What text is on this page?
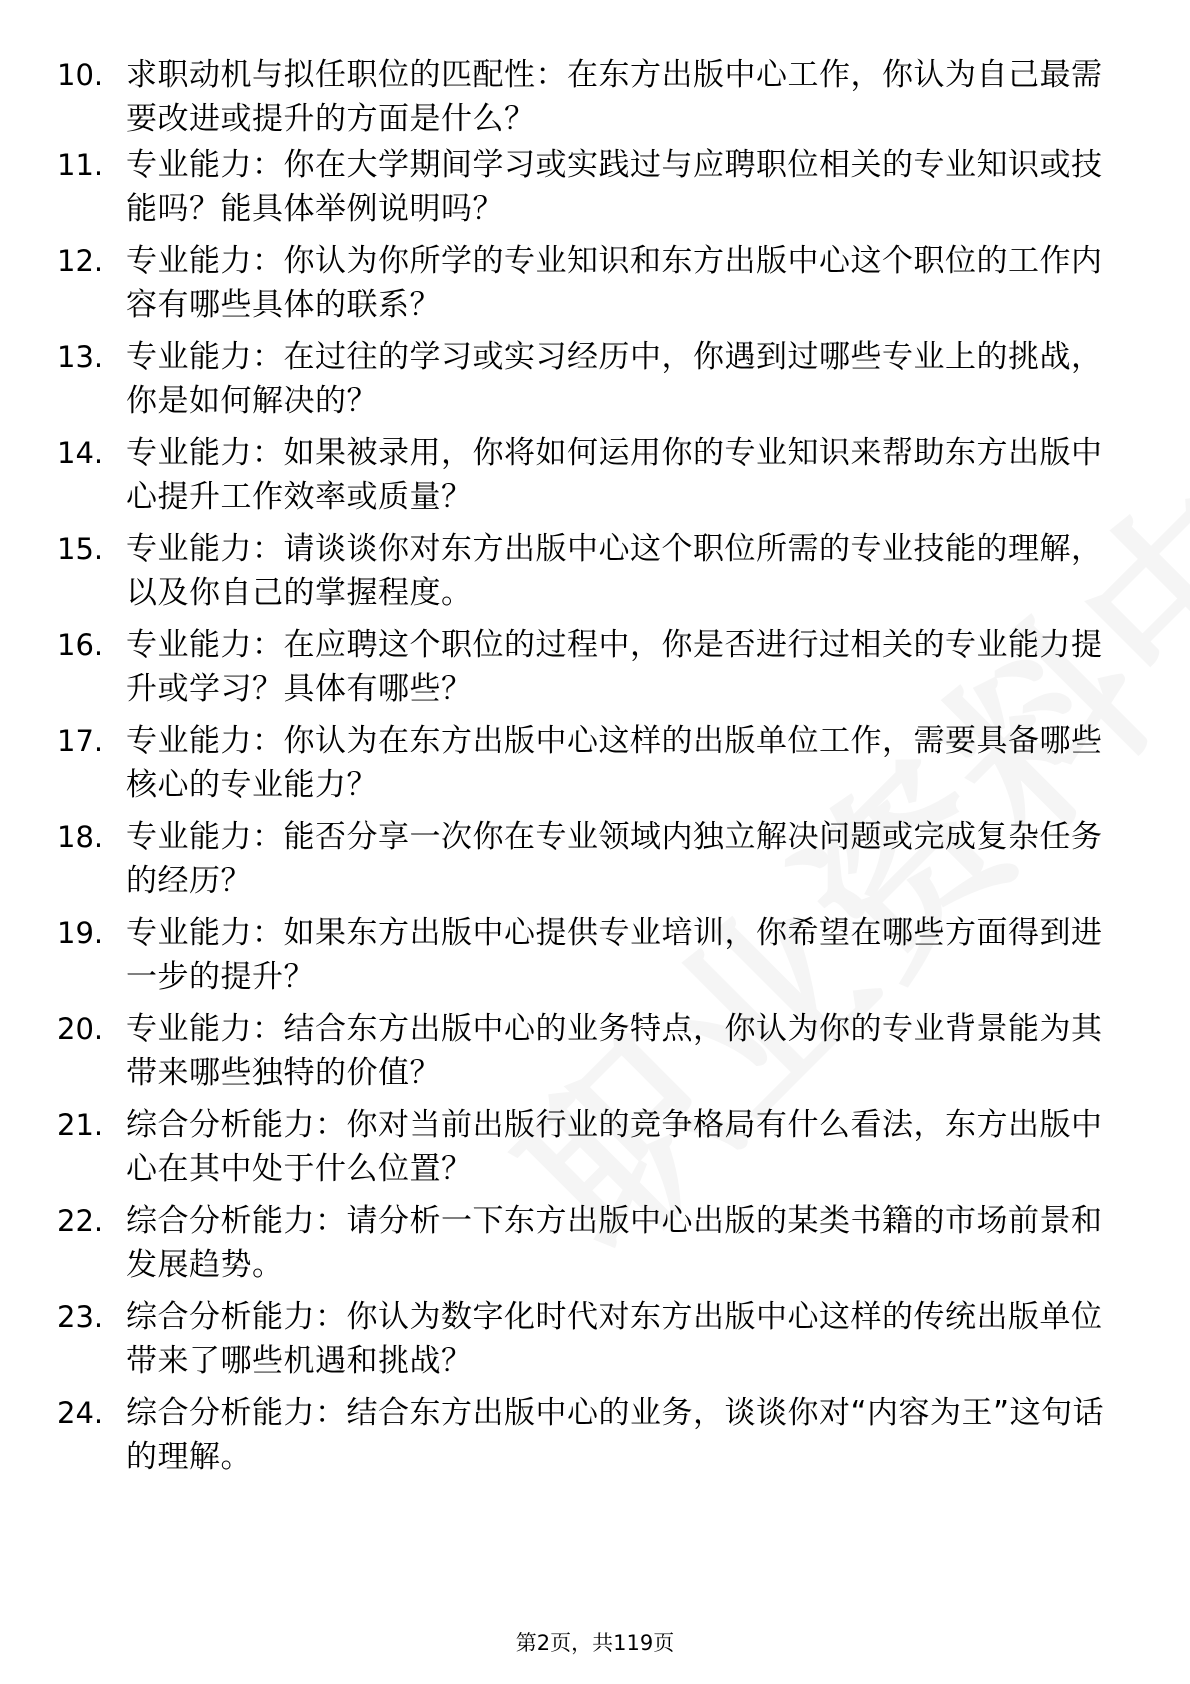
10. 求职动机与拟任职位的匹配性：在东方出版中心工作，你认为自己最需要改进或提升的方面是什么？
11. 专业能力：你在大学期间学习或实践过与应聘职位相关的专业知识或技能吗？能具体举例说明吗？
12. 专业能力：你认为你所学的专业知识和东方出版中心这个职位的工作内容有哪些具体的联系？
13. 专业能力：在过往的学习或实习经历中，你遇到过哪些专业上的挑战，你是如何解决的？
14. 专业能力：如果被录用，你将如何运用你的专业知识来帮助东方出版中心提升工作效率或质量？
15. 专业能力：请谈谈你对东方出版中心这个职位所需的专业技能的理解，以及你自己的掌握程度。
16. 专业能力：在应聘这个职位的过程中，你是否进行过相关的专业能力提升或学习？具体有哪些？
17. 专业能力：你认为在东方出版中心这样的出版单位工作，需要具备哪些核心的专业能力？
18. 专业能力：能否分享一次你在专业领域内独立解决问题或完成复杂任务的经历？
19. 专业能力：如果东方出版中心提供专业培训，你希望在哪些方面得到进一步的提升？
20. 专业能力：结合东方出版中心的业务特点，你认为你的专业背景能为其带来哪些独特的价值？
21. 综合分析能力：你对当前出版行业的竞争格局有什么看法，东方出版中心在其中处于什么位置？
22. 综合分析能力：请分析一下东方出版中心出版的某类书籍的市场前景和发展趋势。
23. 综合分析能力：你认为数字化时代对东方出版中心这样的传统出版单位带来了哪些机遇和挑战？
24. 综合分析能力：结合东方出版中心的业务，谈谈你对“内容为王”这句话的理解。
第2页，共119页
